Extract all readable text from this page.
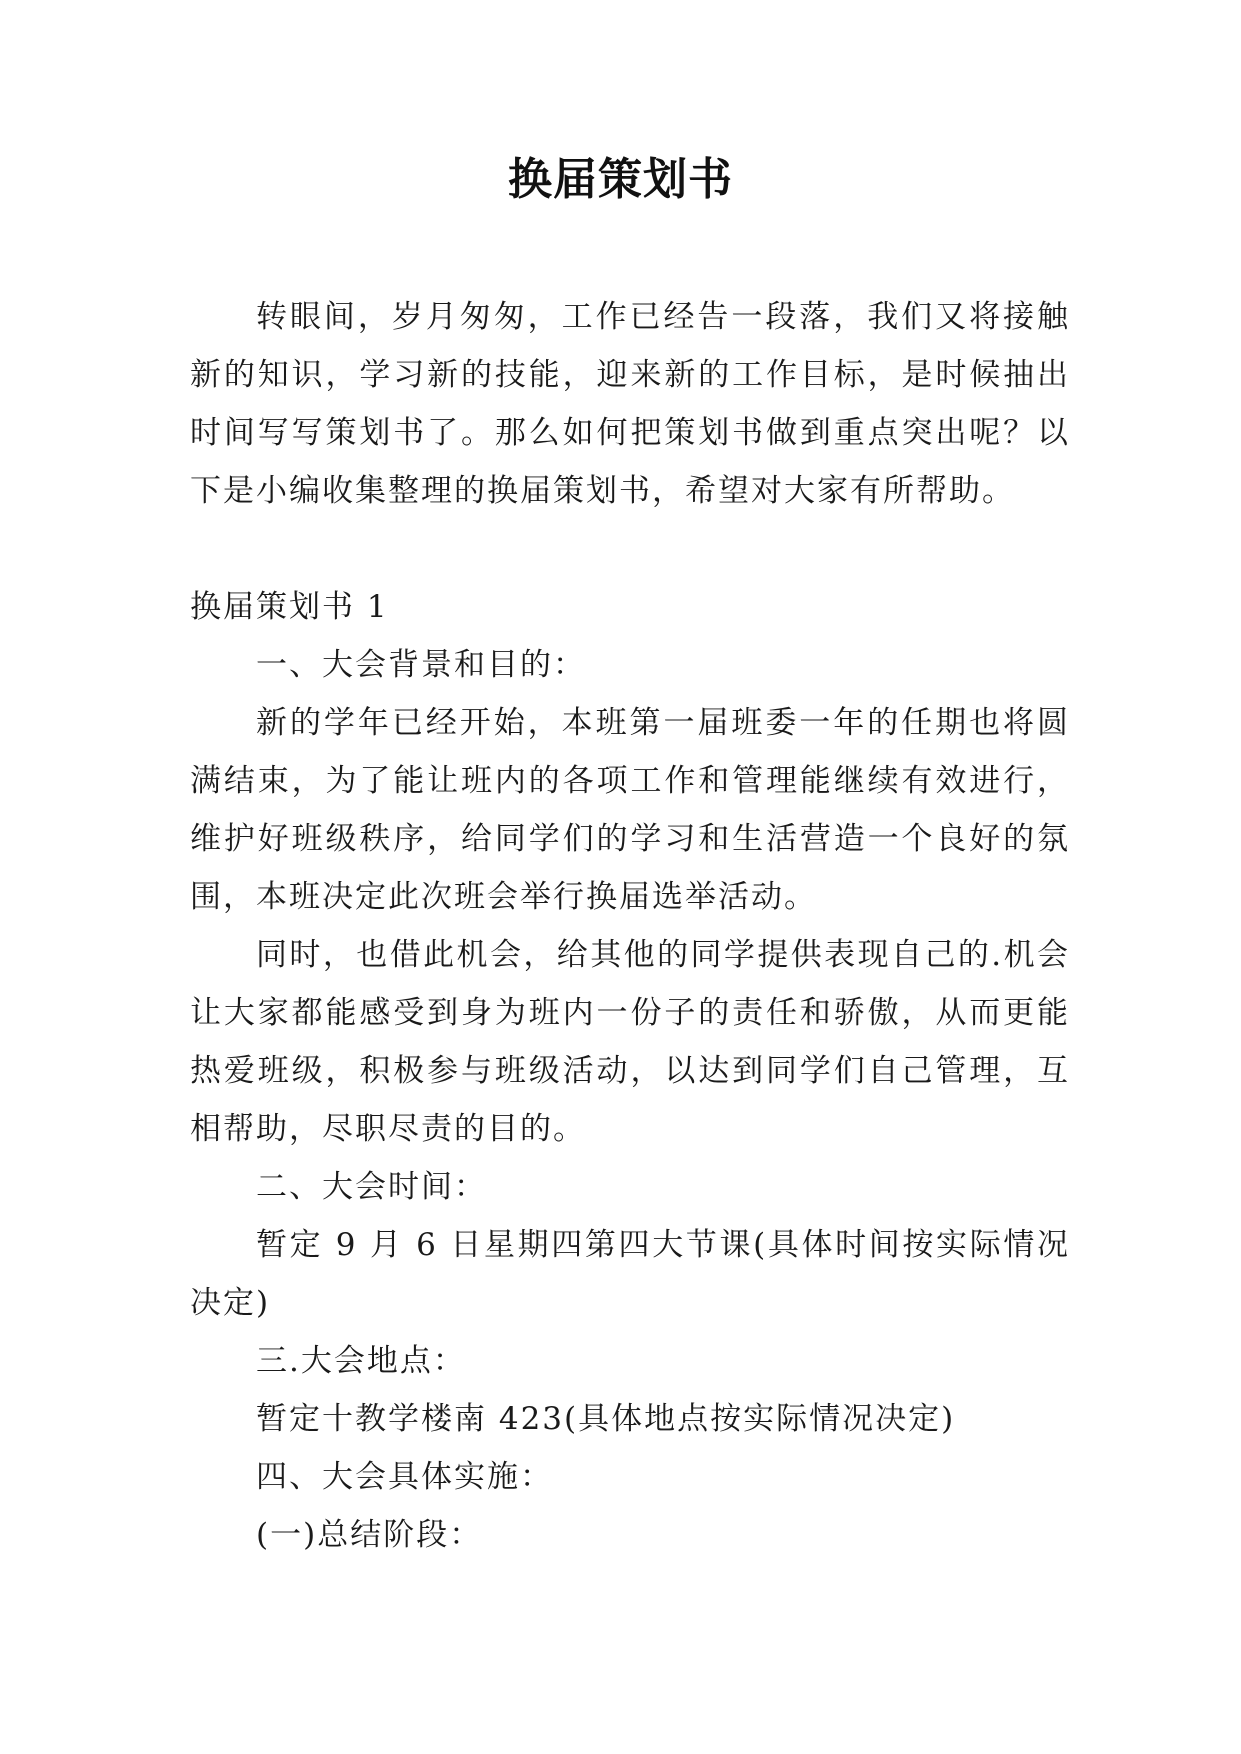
换届策划书

转眼间，岁月匆匆，工作已经告一段落，我们又将接触新的知识，学习新的技能，迎来新的工作目标，是时候抽出时间写写策划书了。那么如何把策划书做到重点突出呢？以下是小编收集整理的换届策划书，希望对大家有所帮助。

换届策划书 1

一、大会背景和目的：

新的学年已经开始，本班第一届班委一年的任期也将圆满结束，为了能让班内的各项工作和管理能继续有效进行，维护好班级秩序，给同学们的学习和生活营造一个良好的氛围，本班决定此次班会举行换届选举活动。

同时，也借此机会，给其他的同学提供表现自己的.机会让大家都能感受到身为班内一份子的责任和骄傲，从而更能热爱班级，积极参与班级活动，以达到同学们自己管理，互相帮助，尽职尽责的目的。

二、大会时间：

暂定 9 月 6 日星期四第四大节课(具体时间按实际情况决定)

三.大会地点：

暂定十教学楼南 423(具体地点按实际情况决定)

四、大会具体实施：

(一)总结阶段：
